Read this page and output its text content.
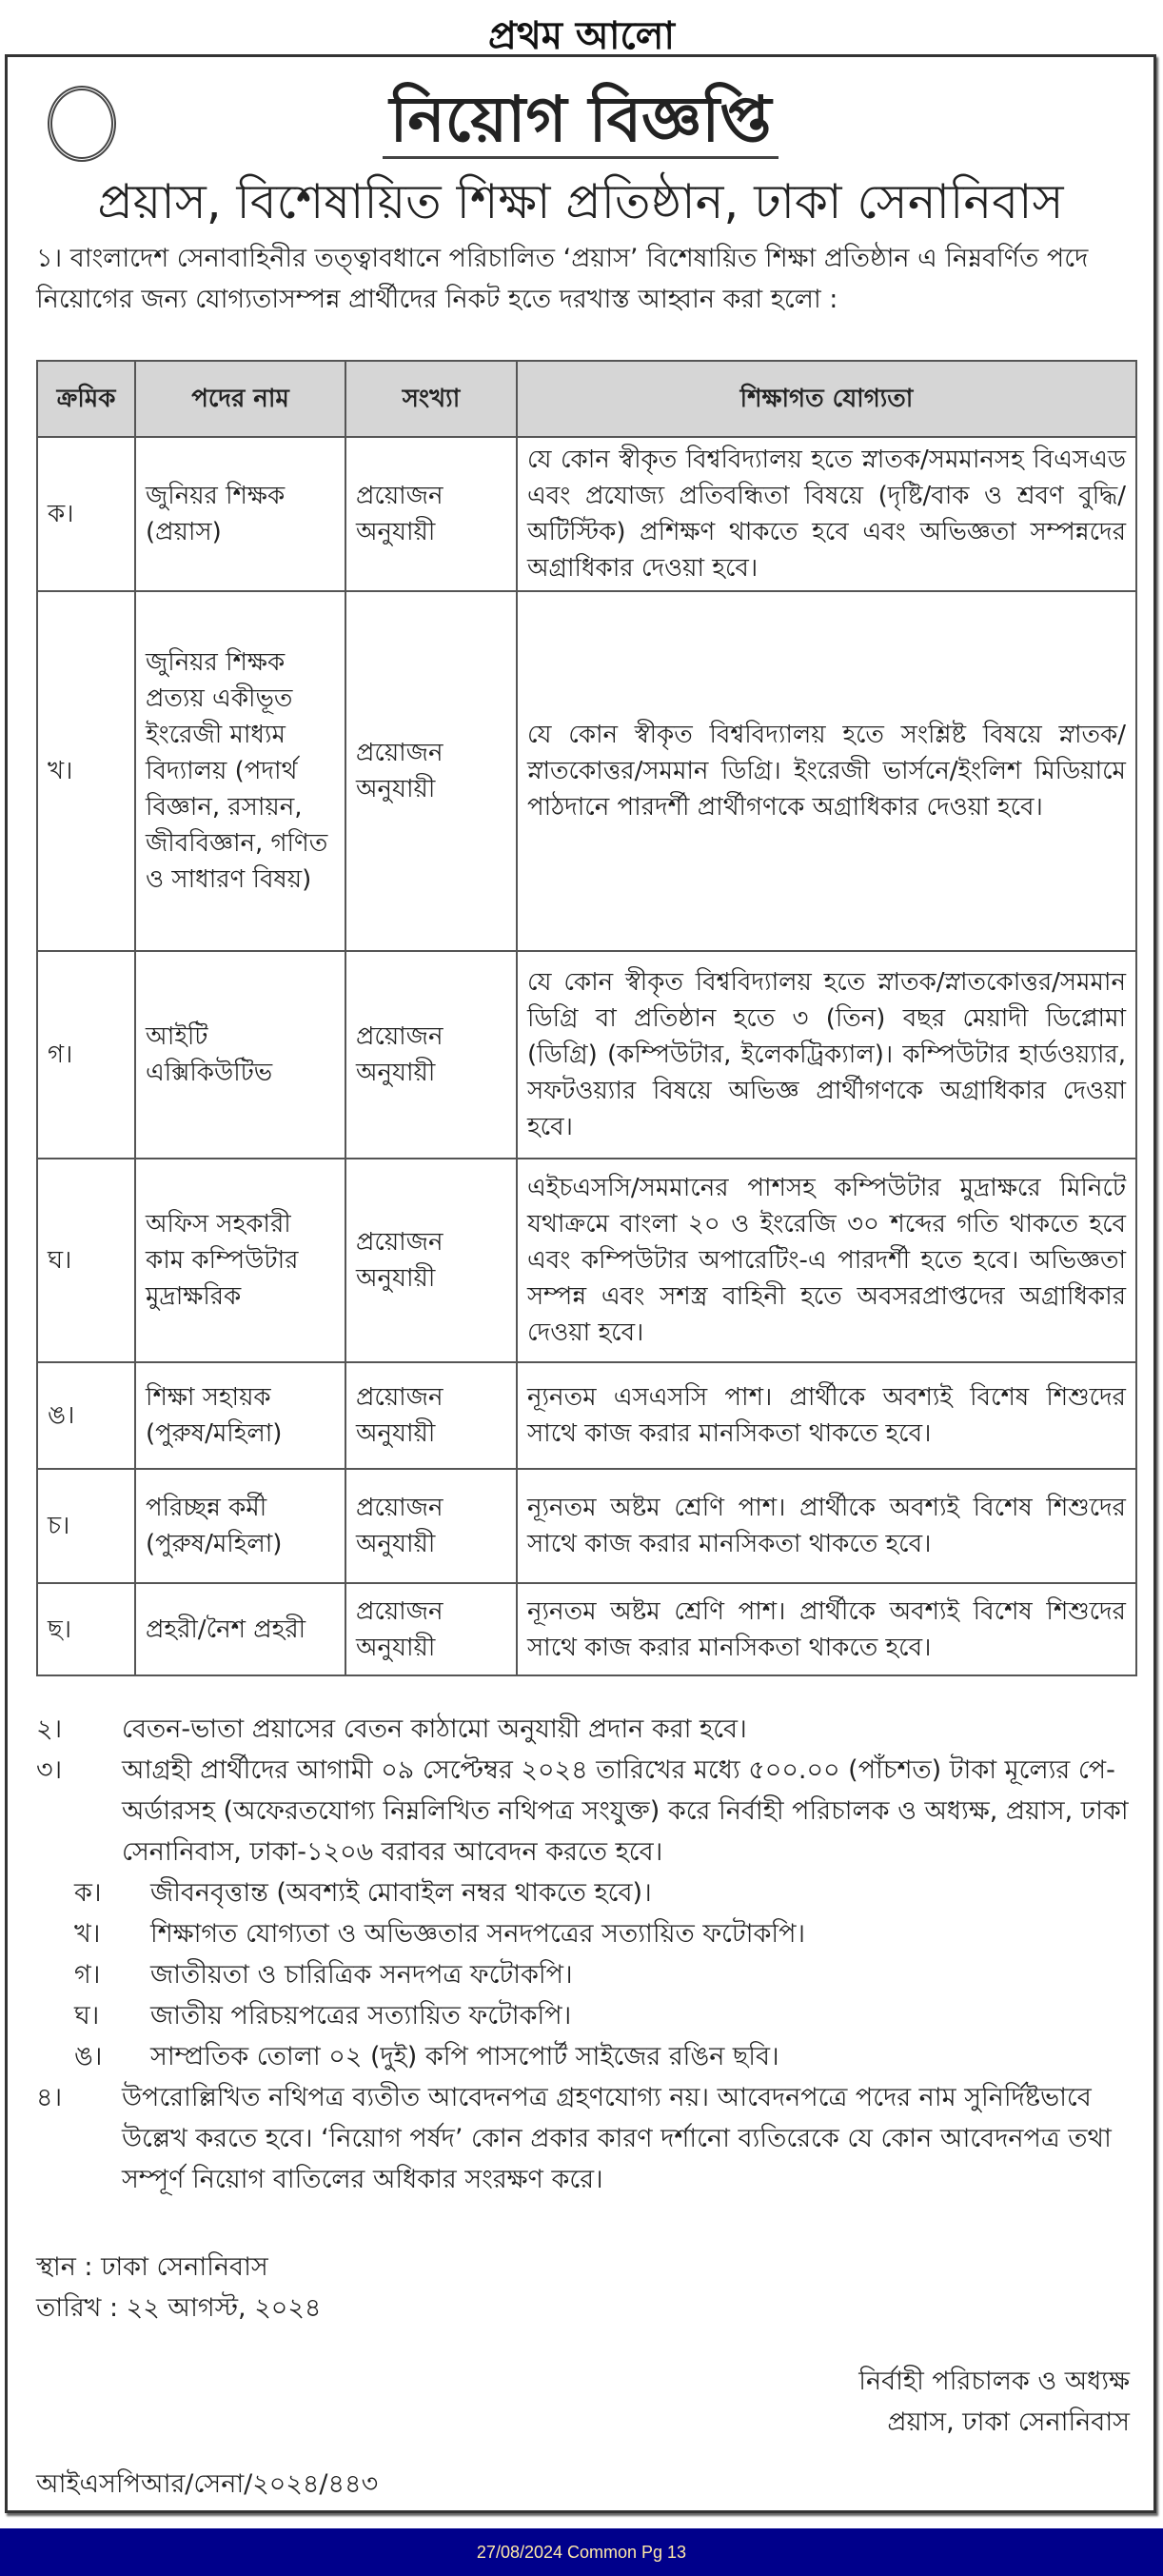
প্রথম আলো
নিয়োগ বিজ্ঞপ্তি
প্রয়াস, বিশেষায়িত শিক্ষা প্রতিষ্ঠান, ঢাকা সেনানিবাস
১। বাংলাদেশ সেনাবাহিনীর তত্ত্বাবধানে পরিচালিত ‘প্রয়াস’ বিশেষায়িত শিক্ষা প্রতিষ্ঠান এ নিম্নবর্ণিত পদে নিয়োগের জন্য যোগ্যতাসম্পন্ন প্রার্থীদের নিকট হতে দরখাস্ত আহ্বান করা হলো :
ক্রমিক	পদের নাম	সংখ্যা	শিক্ষাগত যোগ্যতা
ক।	জুনিয়র শিক্ষক (প্রয়াস)	প্রয়োজন অনুযায়ী	যে কোন স্বীকৃত বিশ্ববিদ্যালয় হতে স্নাতক/সমমানসহ বিএসএড এবং প্রযোজ্য প্রতিবন্ধিতা বিষয়ে (দৃষ্টি/বাক ও শ্রবণ বুদ্ধি/অটিস্টিক) প্রশিক্ষণ থাকতে হবে এবং অভিজ্ঞতা সম্পন্নদের অগ্রাধিকার দেওয়া হবে।
খ।	জুনিয়র শিক্ষক প্রত্যয় একীভূত ইংরেজী মাধ্যম বিদ্যালয় (পদার্থ বিজ্ঞান, রসায়ন, জীববিজ্ঞান, গণিত ও সাধারণ বিষয়)	প্রয়োজন অনুযায়ী	যে কোন স্বীকৃত বিশ্ববিদ্যালয় হতে সংশ্লিষ্ট বিষয়ে স্নাতক/স্নাতকোত্তর/সমমান ডিগ্রি। ইংরেজী ভার্সনে/ইংলিশ মিডিয়ামে পাঠদানে পারদর্শী প্রার্থীগণকে অগ্রাধিকার দেওয়া হবে।
গ।	আইটি এক্সিকিউটিভ	প্রয়োজন অনুযায়ী	যে কোন স্বীকৃত বিশ্ববিদ্যালয় হতে স্নাতক/স্নাতকোত্তর/সমমান ডিগ্রি বা প্রতিষ্ঠান হতে ৩ (তিন) বছর মেয়াদী ডিপ্লোমা (ডিগ্রি) (কম্পিউটার, ইলেকট্রিক্যাল)। কম্পিউটার হার্ডওয়্যার, সফটওয়্যার বিষয়ে অভিজ্ঞ প্রার্থীগণকে অগ্রাধিকার দেওয়া হবে।
ঘ।	অফিস সহকারী কাম কম্পিউটার মুদ্রাক্ষরিক	প্রয়োজন অনুযায়ী	এইচএসসি/সমমানের পাশসহ কম্পিউটার মুদ্রাক্ষরে মিনিটে যথাক্রমে বাংলা ২০ ও ইংরেজি ৩০ শব্দের গতি থাকতে হবে এবং কম্পিউটার অপারেটিং-এ পারদর্শী হতে হবে। অভিজ্ঞতা সম্পন্ন এবং সশস্ত্র বাহিনী হতে অবসরপ্রাপ্তদের অগ্রাধিকার দেওয়া হবে।
ঙ।	শিক্ষা সহায়ক (পুরুষ/মহিলা)	প্রয়োজন অনুযায়ী	ন্যূনতম এসএসসি পাশ। প্রার্থীকে অবশ্যই বিশেষ শিশুদের সাথে কাজ করার মানসিকতা থাকতে হবে।
চ।	পরিচ্ছন্ন কর্মী (পুরুষ/মহিলা)	প্রয়োজন অনুযায়ী	ন্যূনতম অষ্টম শ্রেণি পাশ। প্রার্থীকে অবশ্যই বিশেষ শিশুদের সাথে কাজ করার মানসিকতা থাকতে হবে।
ছ।	প্রহরী/নৈশ প্রহরী	প্রয়োজন অনুযায়ী	ন্যূনতম অষ্টম শ্রেণি পাশ। প্রার্থীকে অবশ্যই বিশেষ শিশুদের সাথে কাজ করার মানসিকতা থাকতে হবে।
২।	বেতন-ভাতা প্রয়াসের বেতন কাঠামো অনুযায়ী প্রদান করা হবে।
৩।	আগ্রহী প্রার্থীদের আগামী ০৯ সেপ্টেম্বর ২০২৪ তারিখের মধ্যে ৫০০.০০ (পাঁচশত) টাকা মূল্যের পে-অর্ডারসহ (অফেরতযোগ্য নিম্নলিখিত নথিপত্র সংযুক্ত) করে নির্বাহী পরিচালক ও অধ্যক্ষ, প্রয়াস, ঢাকা সেনানিবাস, ঢাকা-১২০৬ বরাবর আবেদন করতে হবে।
ক।	জীবনবৃত্তান্ত (অবশ্যই মোবাইল নম্বর থাকতে হবে)।
খ।	শিক্ষাগত যোগ্যতা ও অভিজ্ঞতার সনদপত্রের সত্যায়িত ফটোকপি।
গ।	জাতীয়তা ও চারিত্রিক সনদপত্র ফটোকপি।
ঘ।	জাতীয় পরিচয়পত্রের সত্যায়িত ফটোকপি।
ঙ।	সাম্প্রতিক তোলা ০২ (দুই) কপি পাসপোর্ট সাইজের রঙিন ছবি।
৪।	উপরোল্লিখিত নথিপত্র ব্যতীত আবেদনপত্র গ্রহণযোগ্য নয়। আবেদনপত্রে পদের নাম সুনির্দিষ্টভাবে উল্লেখ করতে হবে। ‘নিয়োগ পর্ষদ’ কোন প্রকার কারণ দর্শানো ব্যতিরেকে যে কোন আবেদনপত্র তথা সম্পূর্ণ নিয়োগ বাতিলের অধিকার সংরক্ষণ করে।
স্থান : ঢাকা সেনানিবাস
তারিখ : ২২ আগস্ট, ২০২৪
নির্বাহী পরিচালক ও অধ্যক্ষ
প্রয়াস, ঢাকা সেনানিবাস
আইএসপিআর/সেনা/২০২৪/৪৪৩
27/08/2024 Common Pg 13
